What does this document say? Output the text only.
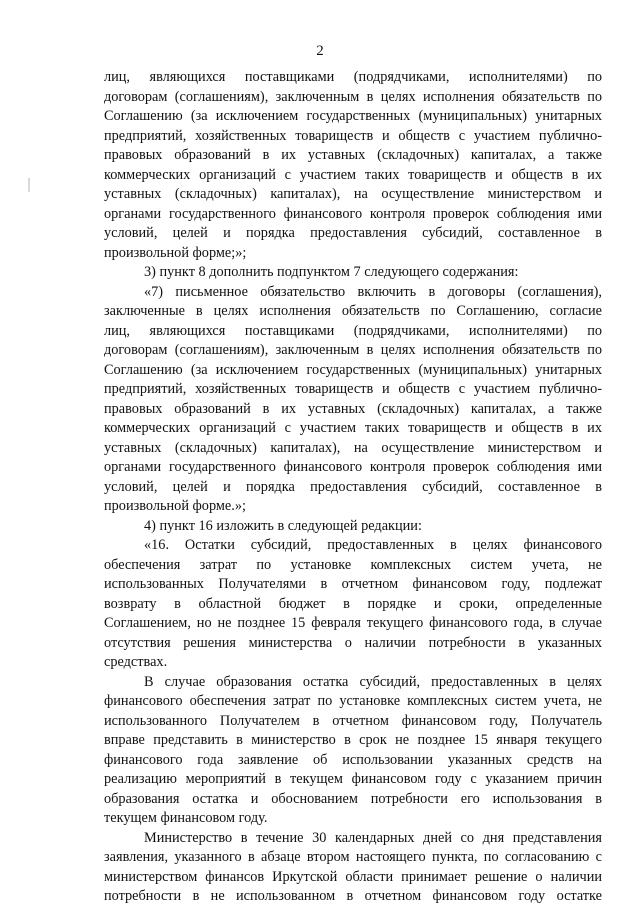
2
лиц, являющихся поставщиками (подрядчиками, исполнителями) по
договорам (соглашениям), заключенным в целях исполнения обязательств по
Соглашению (за исключением государственных (муниципальных) унитарных
предприятий, хозяйственных товариществ и обществ с участием публично-
правовых образований в их уставных (складочных) капиталах, а также
коммерческих организаций с участием таких товариществ и обществ в их
уставных (складочных) капиталах), на осуществление министерством и
органами государственного финансового контроля проверок соблюдения ими
условий, целей и порядка предоставления субсидий, составленное в
произвольной форме;»;
3) пункт 8 дополнить подпунктом 7 следующего содержания:
«7) письменное обязательство включить в договоры (соглашения),
заключенные в целях исполнения обязательств по Соглашению, согласие
лиц, являющихся поставщиками (подрядчиками, исполнителями) по
договорам (соглашениям), заключенным в целях исполнения обязательств по
Соглашению (за исключением государственных (муниципальных) унитарных
предприятий, хозяйственных товариществ и обществ с участием публично-
правовых образований в их уставных (складочных) капиталах, а также
коммерческих организаций с участием таких товариществ и обществ в их
уставных (складочных) капиталах), на осуществление министерством и
органами государственного финансового контроля проверок соблюдения ими
условий, целей и порядка предоставления субсидий, составленное в
произвольной форме.»;
4) пункт 16 изложить в следующей редакции:
«16. Остатки субсидий, предоставленных в целях финансового
обеспечения затрат по установке комплексных систем учета, не
использованных Получателями в отчетном финансовом году, подлежат
возврату в областной бюджет в порядке и сроки, определенные
Соглашением, но не позднее 15 февраля текущего финансового года, в случае
отсутствия решения министерства о наличии потребности в указанных
средствах.
В случае образования остатка субсидий, предоставленных в целях
финансового обеспечения затрат по установке комплексных систем учета, не
использованного Получателем в отчетном финансовом году, Получатель
вправе представить в министерство в срок не позднее 15 января текущего
финансового года заявление об использовании указанных средств на
реализацию мероприятий в текущем финансовом году с указанием причин
образования остатка и обоснованием потребности его использования в
текущем финансовом году.
Министерство в течение 30 календарных дней со дня представления
заявления, указанного в абзаце втором настоящего пункта, по согласованию с
министерством финансов Иркутской области принимает решение о наличии
потребности в не использованном в отчетном финансовом году остатке
